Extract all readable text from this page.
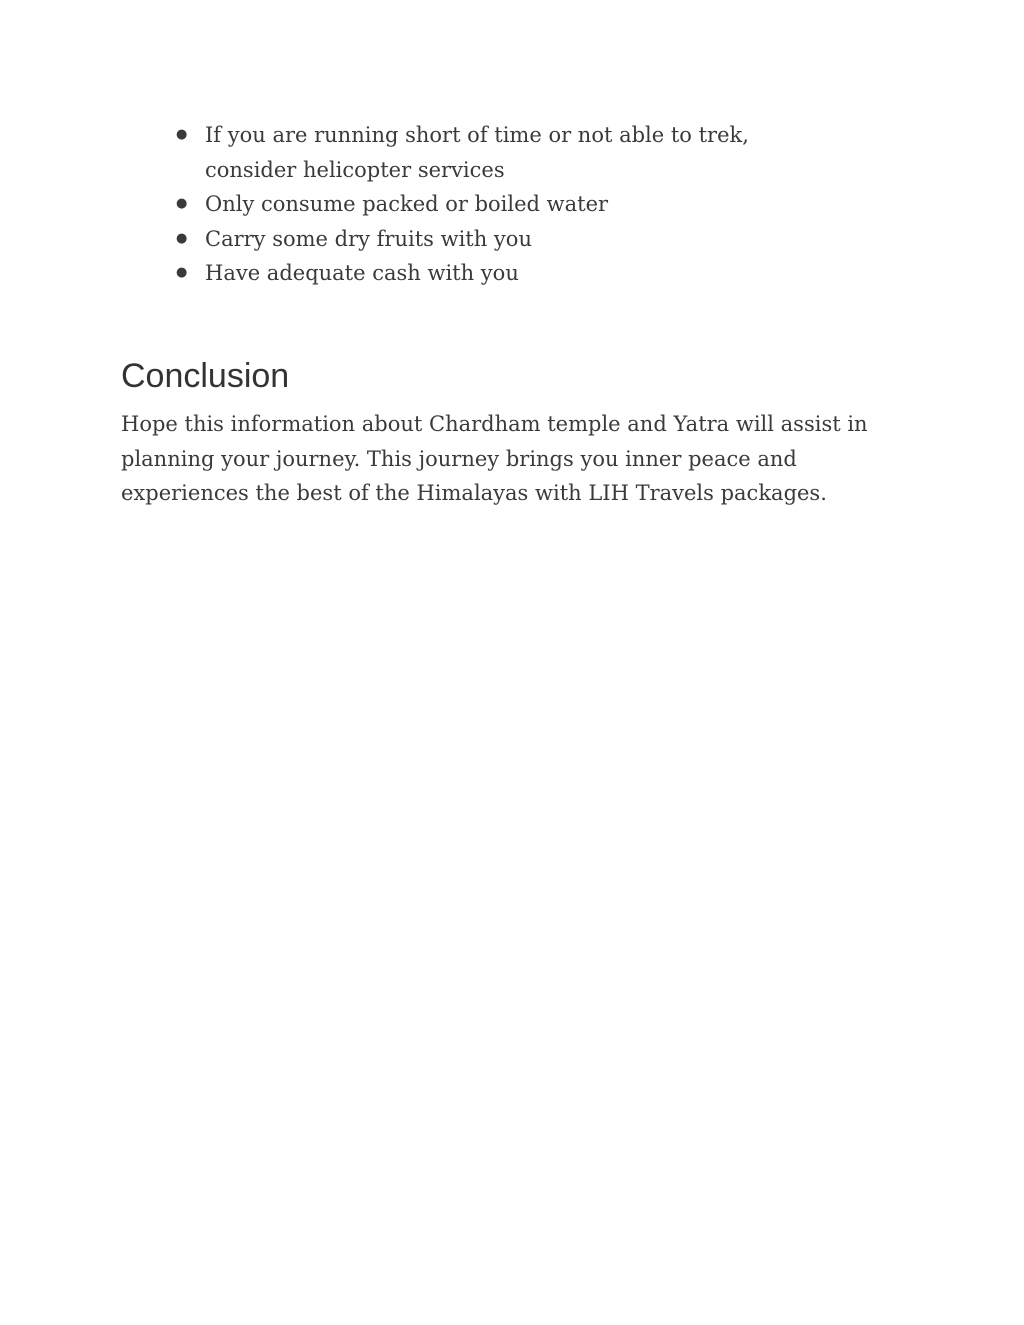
● If you are running short of time or not able to trek, consider helicopter services
● Only consume packed or boiled water
● Carry some dry fruits with you
● Have adequate cash with you
Conclusion

Hope this information about Chardham temple and Yatra will assist in planning your journey. This journey brings you inner peace and experiences the best of the Himalayas with LIH Travels packages.
